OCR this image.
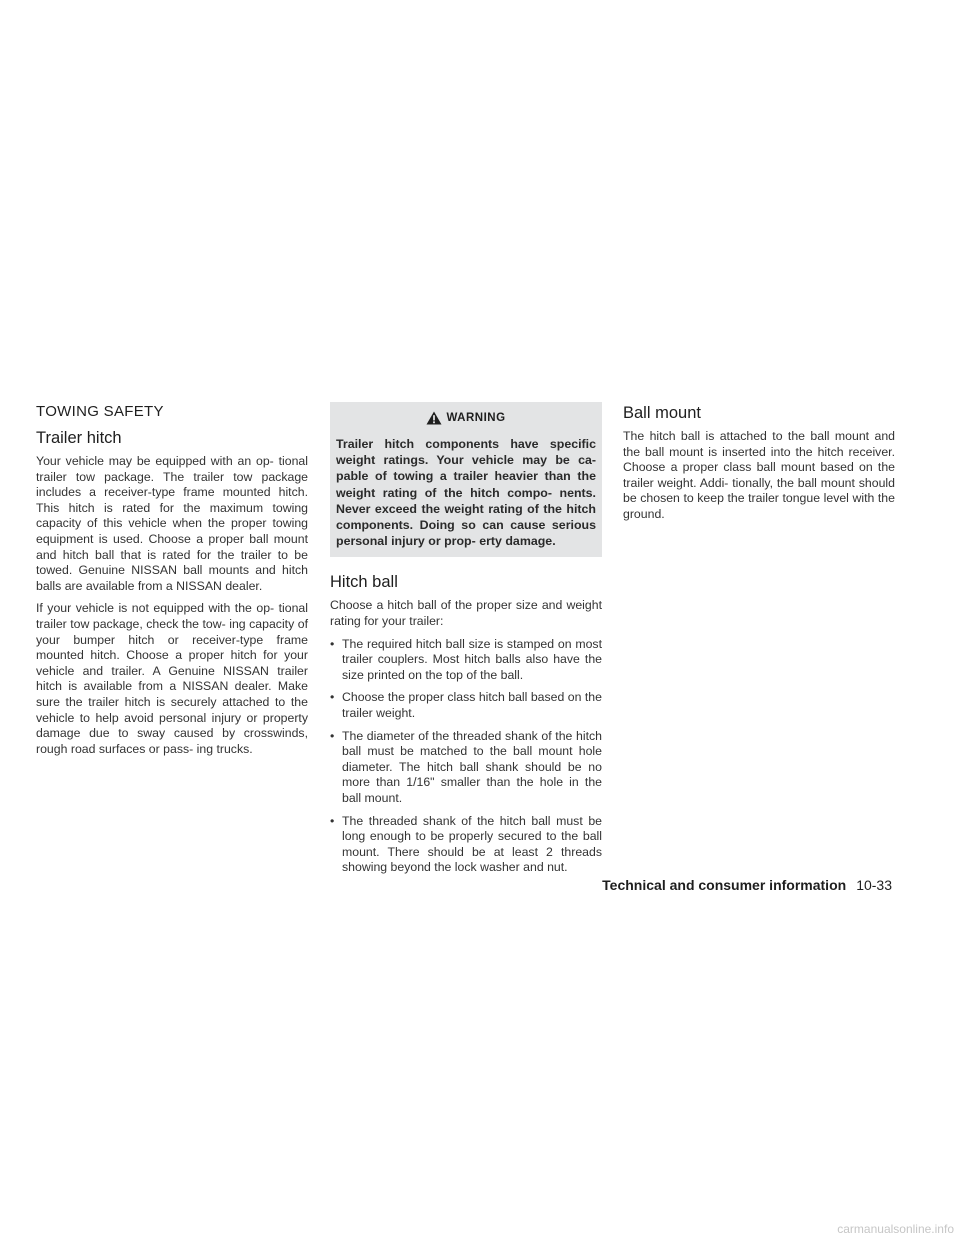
TOWING SAFETY
Trailer hitch

Your vehicle may be equipped with an op- tional trailer tow package. The trailer tow package includes a receiver-type frame mounted hitch. This hitch is rated for the maximum towing capacity of this vehicle when the proper towing equipment is used. Choose a proper ball mount and hitch ball that is rated for the trailer to be towed. Genuine NISSAN ball mounts and hitch balls are available from a NISSAN dealer.

If your vehicle is not equipped with the op- tional trailer tow package, check the tow- ing capacity of your bumper hitch or receiver-type frame mounted hitch. Choose a proper hitch for your vehicle and trailer. A Genuine NISSAN trailer hitch is available from a NISSAN dealer. Make sure the trailer hitch is securely attached to the vehicle to help avoid personal injury or property damage due to sway caused by crosswinds, rough road surfaces or pass- ing trucks.

WARNING

Trailer hitch components have specific weight ratings. Your vehicle may be ca- pable of towing a trailer heavier than the weight rating of the hitch compo- nents. Never exceed the weight rating of the hitch components. Doing so can cause serious personal injury or prop- erty damage.

Hitch ball

Choose a hitch ball of the proper size and weight rating for your trailer:

• The required hitch ball size is stamped on most trailer couplers. Most hitch balls also have the size printed on the top of the ball.
• Choose the proper class hitch ball based on the trailer weight.
• The diameter of the threaded shank of the hitch ball must be matched to the ball mount hole diameter. The hitch ball shank should be no more than 1/16" smaller than the hole in the ball mount.
• The threaded shank of the hitch ball must be long enough to be properly secured to the ball mount. There should be at least 2 threads showing beyond the lock washer and nut.
Ball mount

The hitch ball is attached to the ball mount and the ball mount is inserted into the hitch receiver. Choose a proper class ball mount based on the trailer weight. Addi- tionally, the ball mount should be chosen to keep the trailer tongue level with the ground.

Technical and consumer information 10-33
carmanualsonline.info
